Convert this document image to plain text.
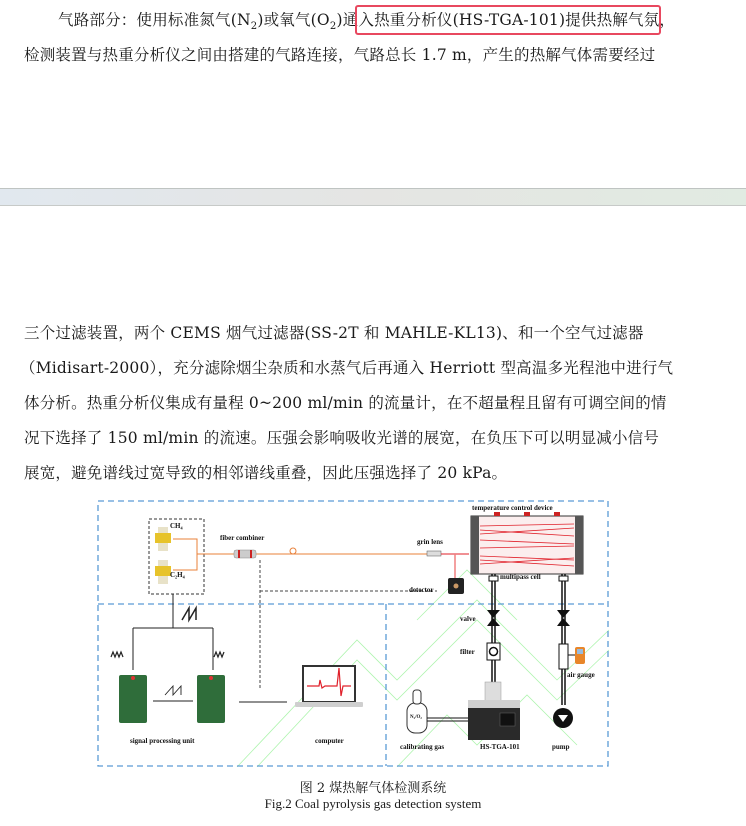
气路部分：使用标准氮气$(N_2)$或氧气$(O_2)$通入热重分析仪(HS-TGA-101)提供热解气氛，
检测装置与热重分析仪之间由搭建的气路连接，气路总长 1.7 m，产生的热解气体需要经过
三个过滤装置，两个 CEMS 烟气过滤器(SS-2T 和 MAHLE-KL13)、和一个空气过滤器
（Midisart-2000），充分滤除烟尘杂质和水蒸气后再通入 Herriott 型高温多光程池中进行气
体分析。热重分析仪集成有量程 0~200 ml/min 的流量计，在不超量程且留有可调空间的情
况下选择了 150 ml/min 的流速。压强会影响吸收光谱的展宽，在负压下可以明显减小信号
展宽，避免谱线过宽导致的相邻谱线重叠，因此压强选择了 20 kPa。
CH₄
C₂H₄
fiber combiner	grin lens
temperature control device
multipass cell
detector
valve
filter
air gauge
signal processing unit	computer
calibrating gas
N₂/O₂
HS-TGA-101	pump
图 2 煤热解气体检测系统
Fig.2 Coal pyrolysis gas detection system
